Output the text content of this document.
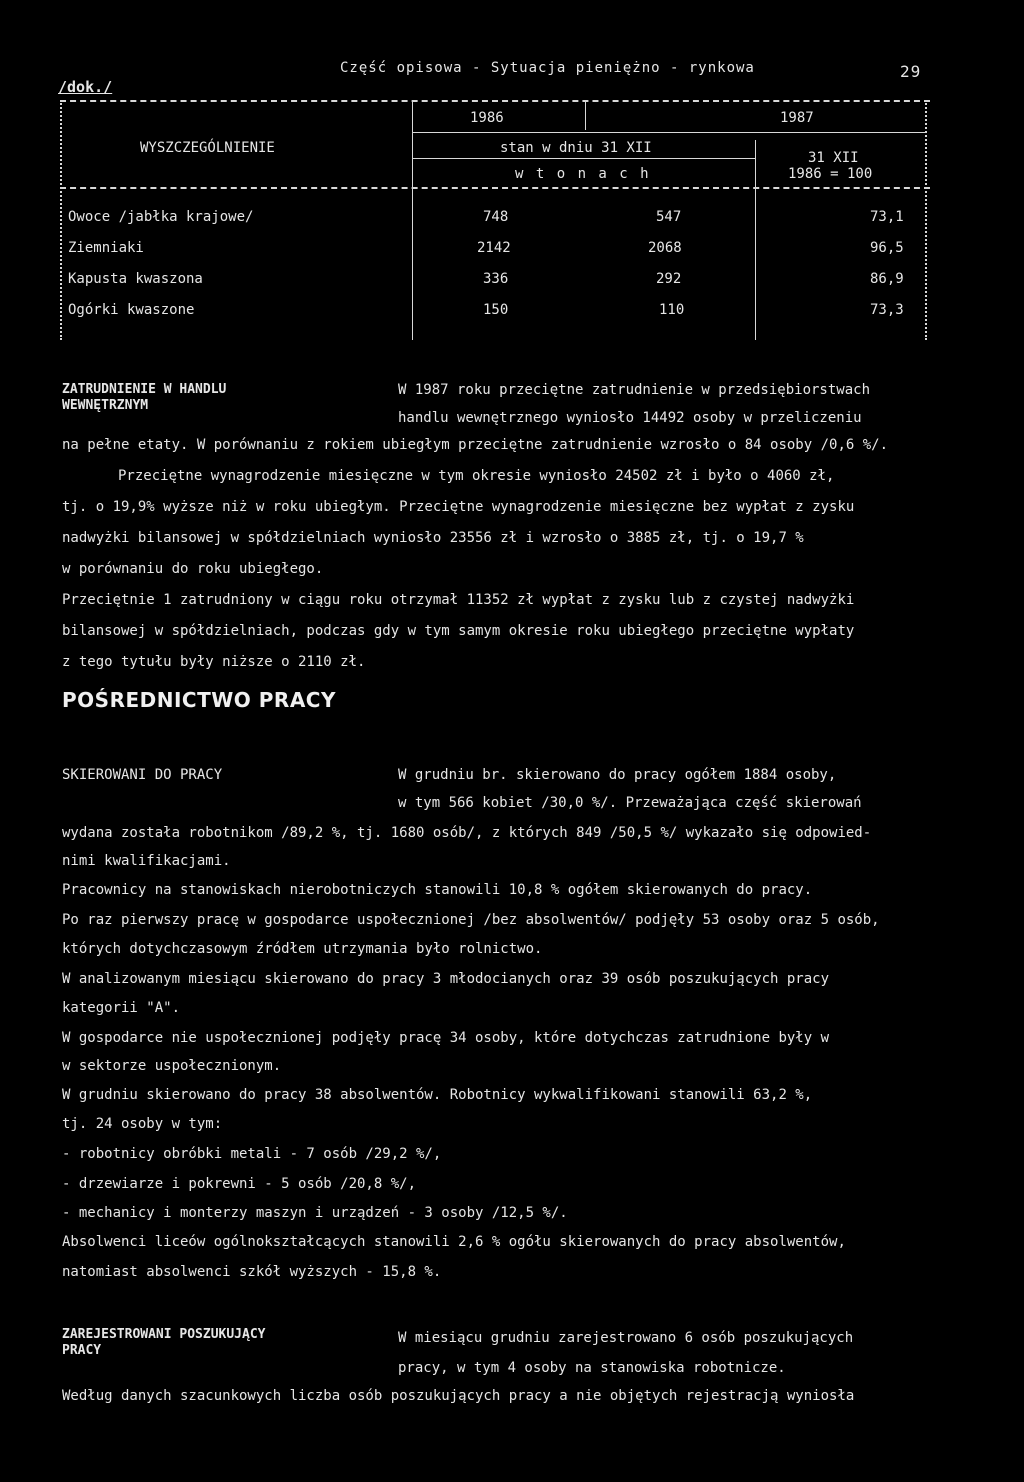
Część opisowa - Sytuacja pieniężno - rynkowa	29
/dok./
WYSZCZEGÓLNIENIE
1986	1987
stan w dniu 31 XII
w t o n a c h
31 XII
1986 = 100
Owoce /jabłka krajowe/	748	547	73,1
Ziemniaki	2142	2068	96,5
Kapusta kwaszona	336	292	86,9
Ogórki kwaszone	150	110	73,3
ZATRUDNIENIE W HANDLU
WEWNĘTRZNYM
W 1987 roku przeciętne zatrudnienie w przedsiębiorstwach
handlu wewnętrznego wyniosło 14492 osoby w przeliczeniu
na pełne etaty. W porównaniu z rokiem ubiegłym przeciętne zatrudnienie wzrosło o 84 osoby /0,6 %/.
Przeciętne wynagrodzenie miesięczne w tym okresie wyniosło 24502 zł i było o 4060 zł,
tj. o 19,9% wyższe niż w roku ubiegłym. Przeciętne wynagrodzenie miesięczne bez wypłat z zysku
nadwyżki bilansowej w spółdzielniach wyniosło 23556 zł i wzrosło o 3885 zł, tj. o 19,7 %
w porównaniu do roku ubiegłego.
Przeciętnie 1 zatrudniony w ciągu roku otrzymał 11352 zł wypłat z zysku lub z czystej nadwyżki
bilansowej w spółdzielniach, podczas gdy w tym samym okresie roku ubiegłego przeciętne wypłaty
z tego tytułu były niższe o 2110 zł.
POŚREDNICTWO PRACY
SKIEROWANI DO PRACY	W grudniu br. skierowano do pracy ogółem 1884 osoby,
w tym 566 kobiet /30,0 %/. Przeważająca część skierowań
wydana została robotnikom /89,2 %, tj. 1680 osób/, z których 849 /50,5 %/ wykazało się odpowied-
nimi kwalifikacjami.
Pracownicy na stanowiskach nierobotniczych stanowili 10,8 % ogółem skierowanych do pracy.
Po raz pierwszy pracę w gospodarce uspołecznionej /bez absolwentów/ podjęły 53 osoby oraz 5 osób,
których dotychczasowym źródłem utrzymania było rolnictwo.
W analizowanym miesiącu skierowano do pracy 3 młodocianych oraz 39 osób poszukujących pracy
kategorii "A".
W gospodarce nie uspołecznionej podjęły pracę 34 osoby, które dotychczas zatrudnione były w
w sektorze uspołecznionym.
W grudniu skierowano do pracy 38 absolwentów. Robotnicy wykwalifikowani stanowili 63,2 %,
tj. 24 osoby w tym:
- robotnicy obróbki metali - 7 osób /29,2 %/,
- drzewiarze i pokrewni - 5 osób /20,8 %/,
- mechanicy i monterzy maszyn i urządzeń - 3 osoby /12,5 %/.
Absolwenci liceów ogólnokształcących stanowili 2,6 % ogółu skierowanych do pracy absolwentów,
natomiast absolwenci szkół wyższych - 15,8 %.
ZAREJESTROWANI POSZUKUJĄCY
PRACY
W miesiącu grudniu zarejestrowano 6 osób poszukujących
pracy, w tym 4 osoby na stanowiska robotnicze.
Według danych szacunkowych liczba osób poszukujących pracy a nie objętych rejestracją wyniosła
